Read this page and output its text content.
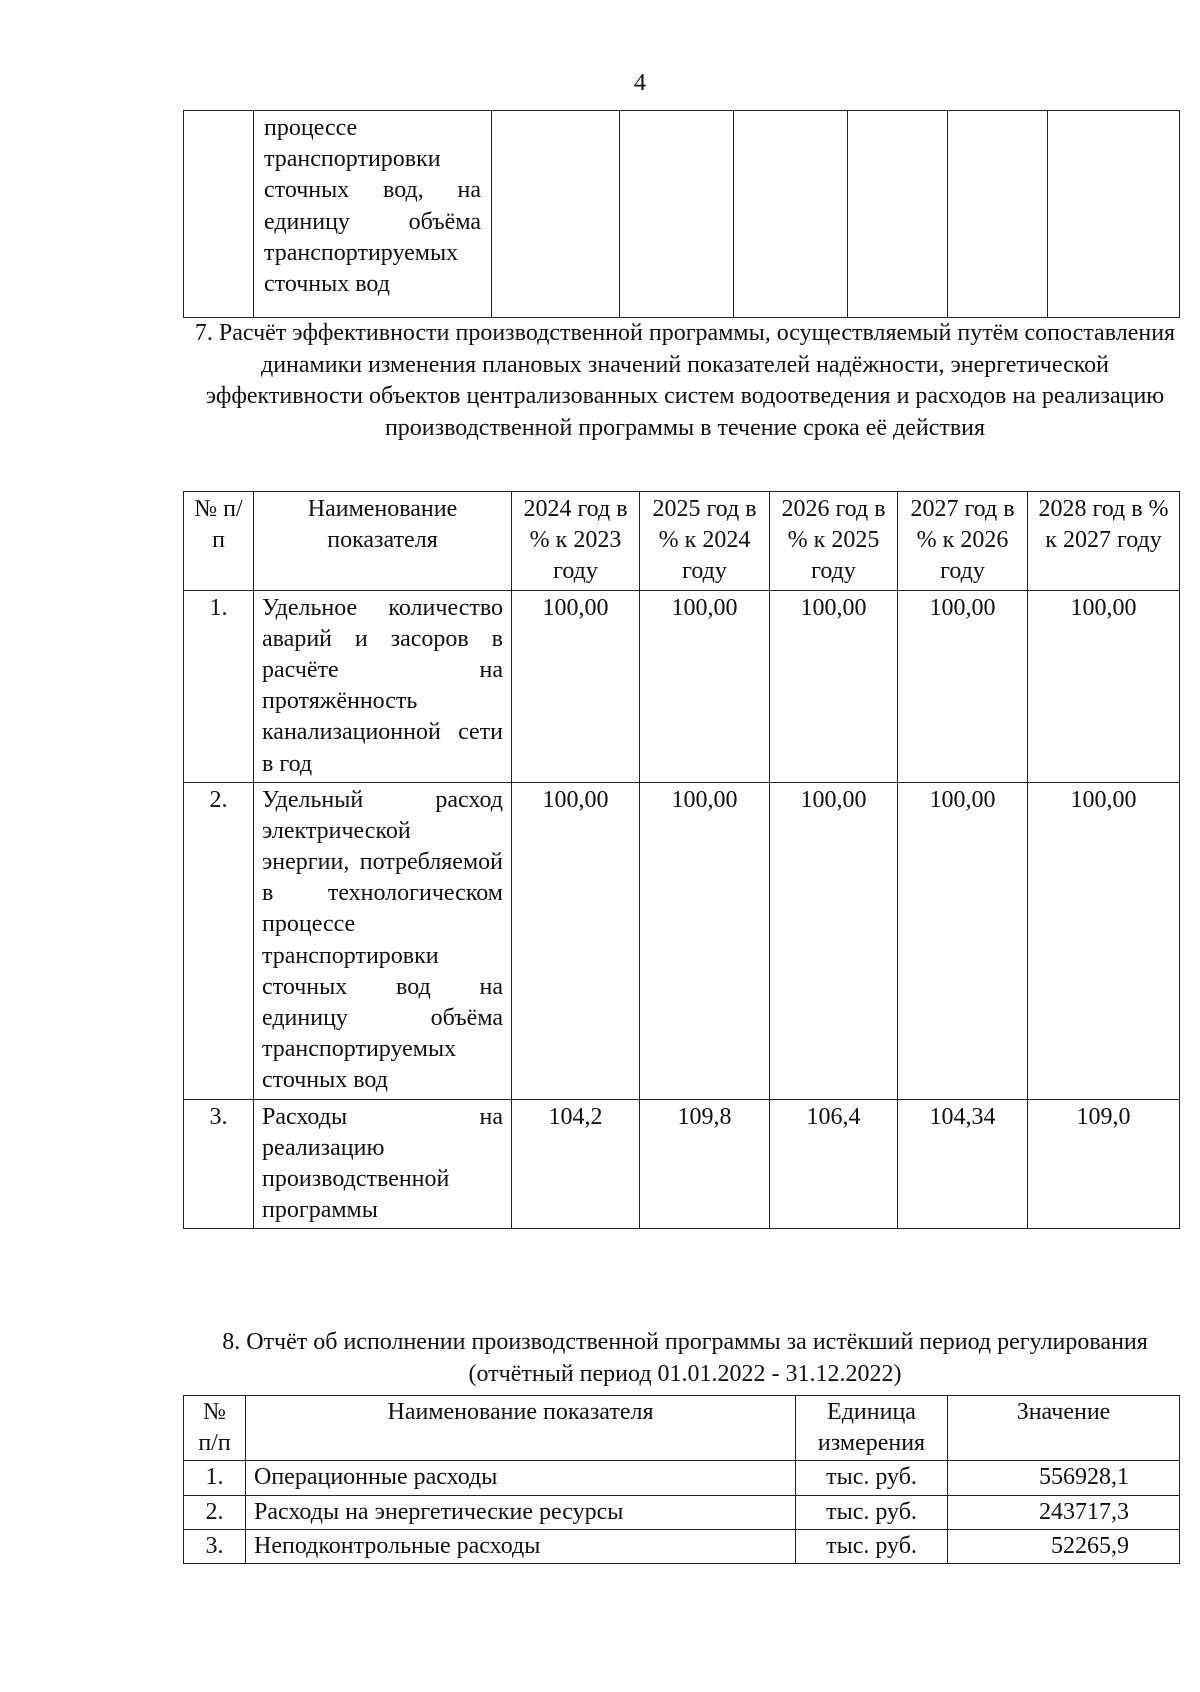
4
	процессе транспортировки сточных вод, на единицу объёма транспортируемых сточных вод						
7. Расчёт эффективности производственной программы, осуществляемый путём сопоставления динамики изменения плановых значений показателей надёжности, энергетической эффективности объектов централизованных систем водоотведения и расходов на реализацию производственной программы в течение срока её действия
№ п/п	Наименование показателя	2024 год в % к 2023 году	2025 год в % к 2024 году	2026 год в % к 2025 году	2027 год в % к 2026 году	2028 год в % к 2027 году
1.	Удельное количество аварий и засоров в расчёте на протяжённость канализационной сети в год	100,00	100,00	100,00	100,00	100,00
2.	Удельный расход электрической энергии, потребляемой в технологическом процессе транспортировки сточных вод на единицу объёма транспортируемых сточных вод	100,00	100,00	100,00	100,00	100,00
3.	Расходы на реализацию производственной программы	104,2	109,8	106,4	104,34	109,0
8. Отчёт об исполнении производственной программы за истёкший период регулирования (отчётный период 01.01.2022 - 31.12.2022)
№ п/п	Наименование показателя	Единица измерения	Значение
1.	Операционные расходы	тыс. руб.	556928,1
2.	Расходы на энергетические ресурсы	тыс. руб.	243717,3
3.	Неподконтрольные расходы	тыс. руб.	52265,9
